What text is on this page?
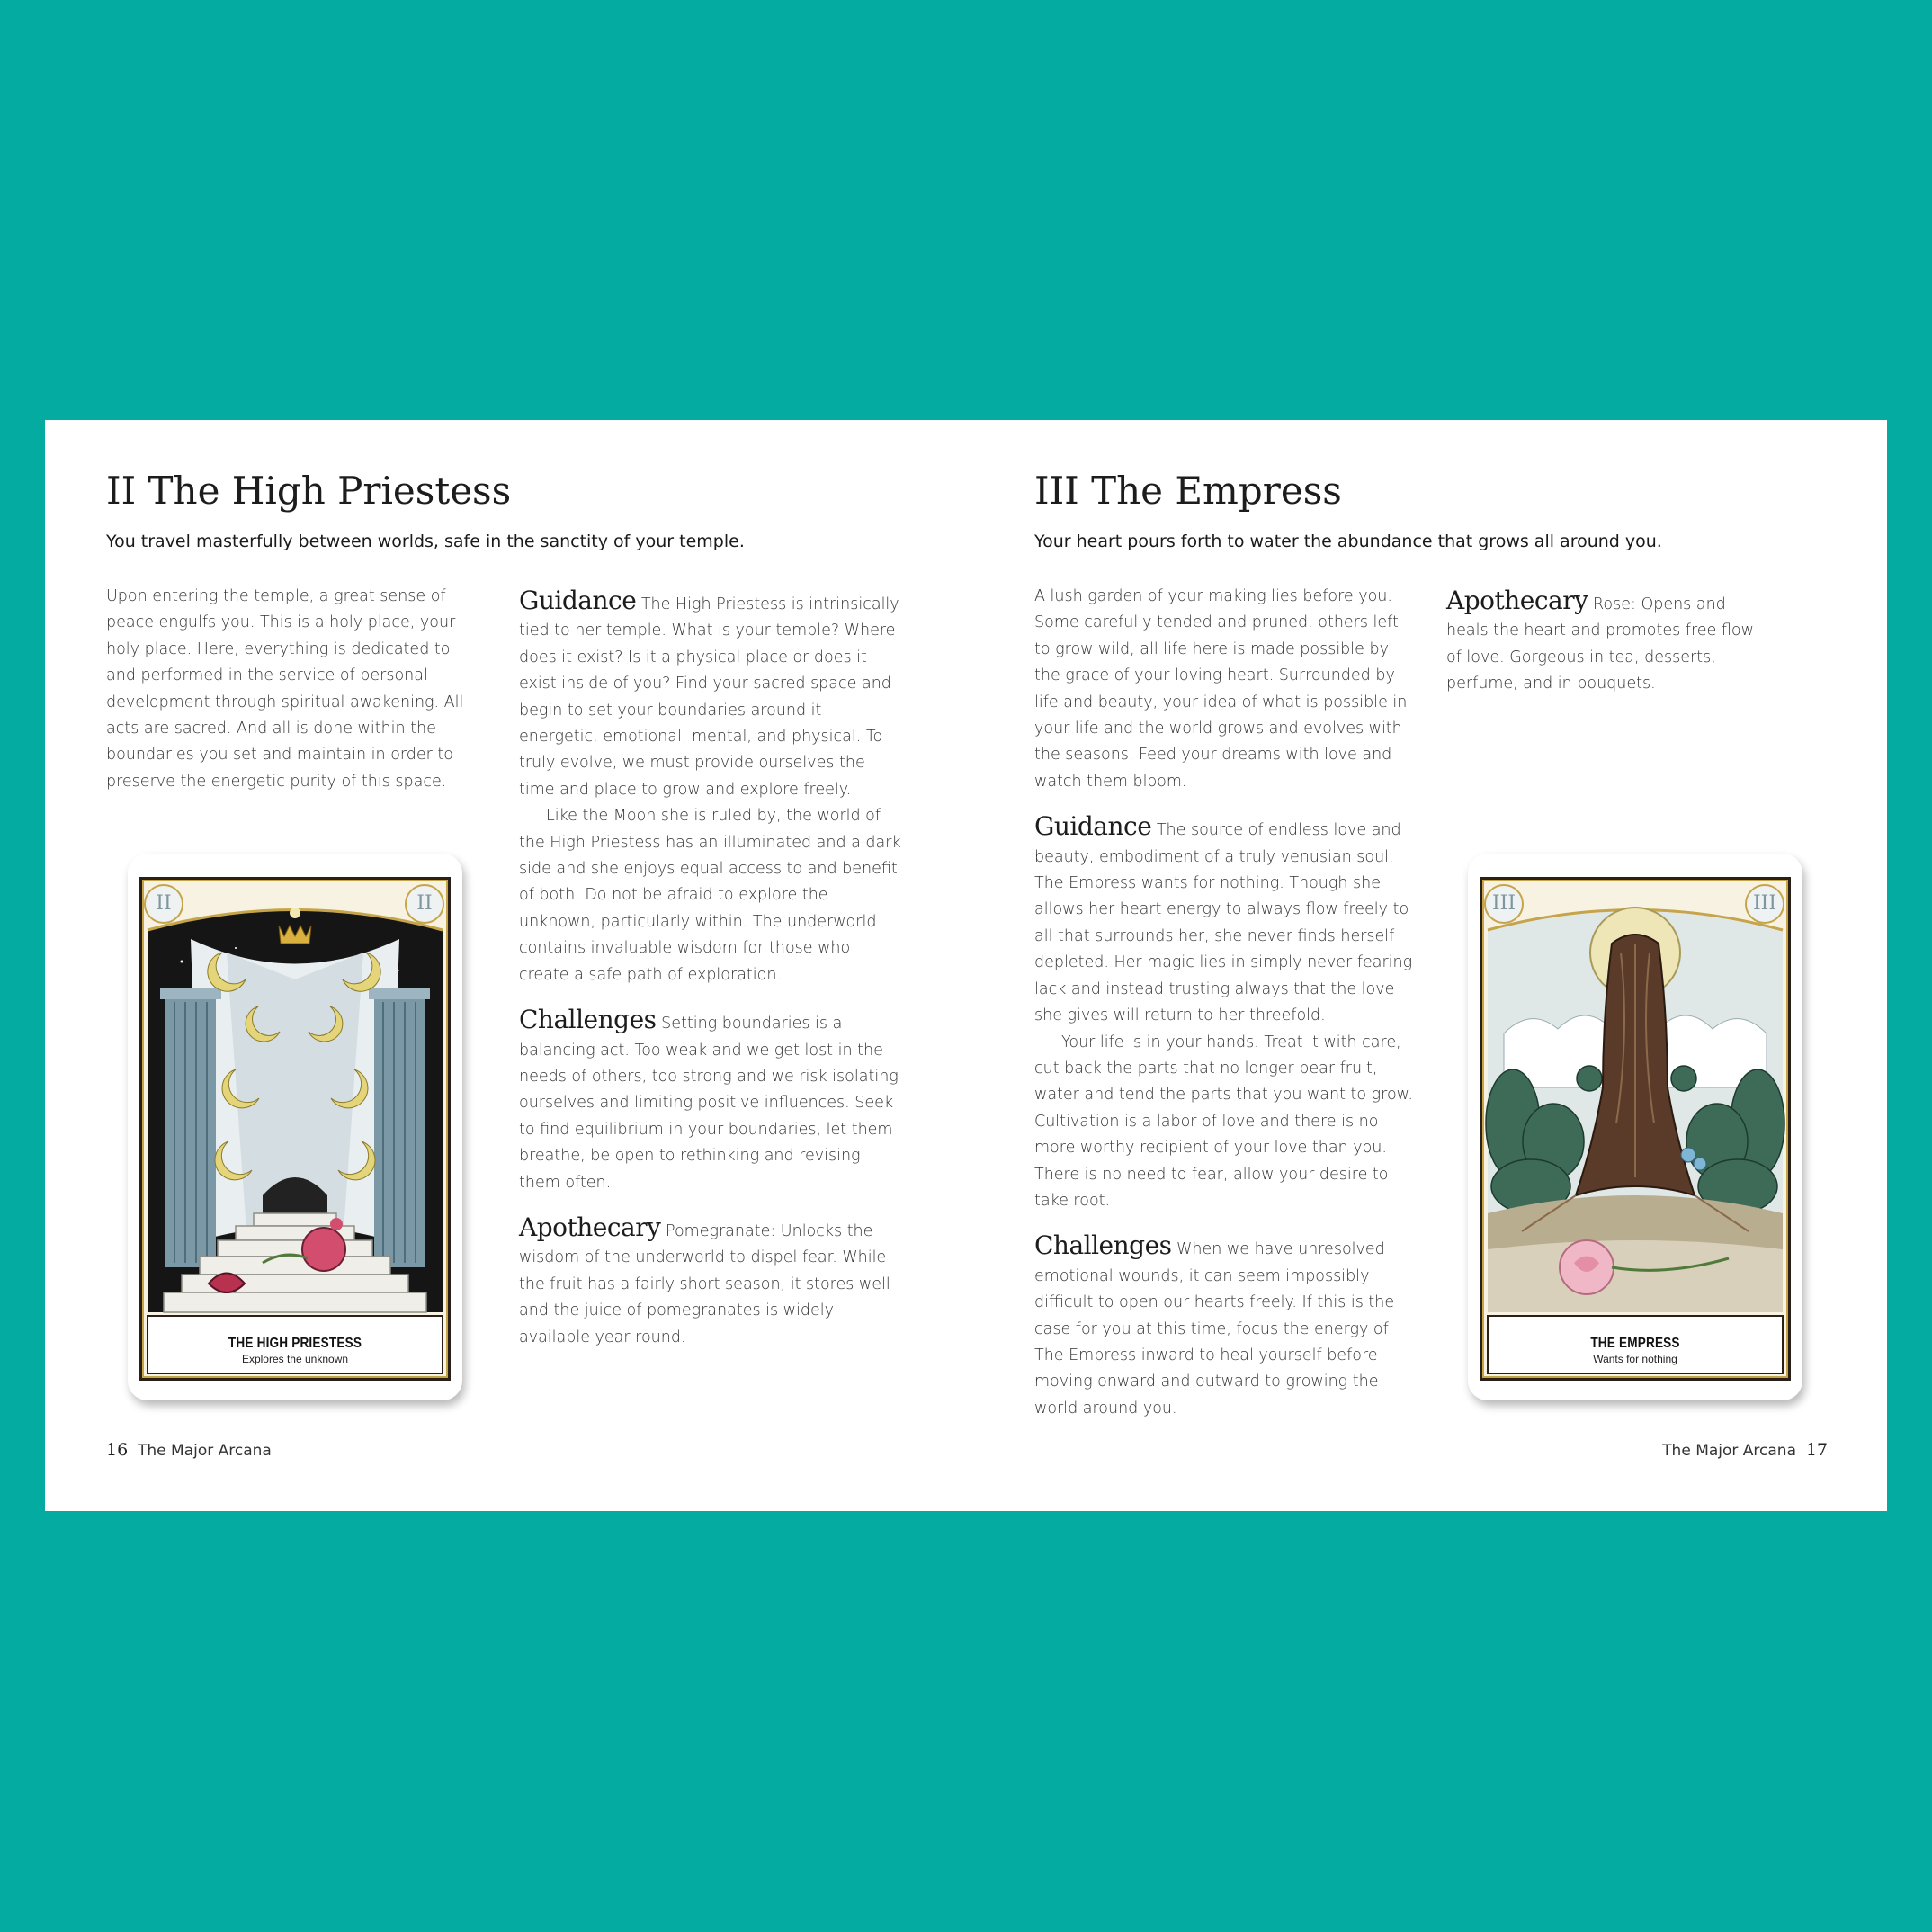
II The High Priestess
You travel masterfully between worlds, safe in the sanctity of your temple.

Upon entering the temple, a great sense of peace engulfs you. This is a holy place, your holy place. Here, everything is dedicated to and performed in the service of personal development through spiritual awakening. All acts are sacred. And all is done within the boundaries you set and maintain in order to preserve the energetic purity of this space.

Guidance The High Priestess is intrinsically tied to her temple. What is your temple? Where does it exist? Is it a physical place or does it exist inside of you? Find your sacred space and begin to set your boundaries around it—energetic, emotional, mental, and physical. To truly evolve, we must provide ourselves the time and place to grow and explore freely.

Like the Moon she is ruled by, the world of the High Priestess has an illuminated and a dark side and she enjoys equal access to and benefit of both. Do not be afraid to explore the unknown, particularly within. The underworld contains invaluable wisdom for those who create a safe path of exploration.

Challenges Setting boundaries is a balancing act. Too weak and we get lost in the needs of others, too strong and we risk isolating ourselves and limiting positive influences. Seek to find equilibrium in your boundaries, let them breathe, be open to rethinking and revising them often.

Apothecary Pomegranate: Unlocks the wisdom of the underworld to dispel fear. While the fruit has a fairly short season, it stores well and the juice of pomegranates is widely available year round.

II	II
THE HIGH PRIESTESS
Explores the unknown
16 The Major Arcana
III The Empress
Your heart pours forth to water the abundance that grows all around you.

A lush garden of your making lies before you. Some carefully tended and pruned, others left to grow wild, all life here is made possible by the grace of your loving heart. Surrounded by life and beauty, your idea of what is possible in your life and the world grows and evolves with the seasons. Feed your dreams with love and watch them bloom.

Guidance The source of endless love and beauty, embodiment of a truly venusian soul, The Empress wants for nothing. Though she allows her heart energy to always flow freely to all that surrounds her, she never finds herself depleted. Her magic lies in simply never fearing lack and instead trusting always that the love she gives will return to her threefold.

Your life is in your hands. Treat it with care, cut back the parts that no longer bear fruit, water and tend the parts that you want to grow. Cultivation is a labor of love and there is no more worthy recipient of your love than you. There is no need to fear, allow your desire to take root.

Challenges When we have unresolved emotional wounds, it can seem impossibly difficult to open our hearts freely. If this is the case for you at this time, focus the energy of The Empress inward to heal yourself before moving onward and outward to growing the world around you.

Apothecary Rose: Opens and heals the heart and promotes free flow of love. Gorgeous in tea, desserts, perfume, and in bouquets.

III	III
THE EMPRESS
Wants for nothing
The Major Arcana 17
